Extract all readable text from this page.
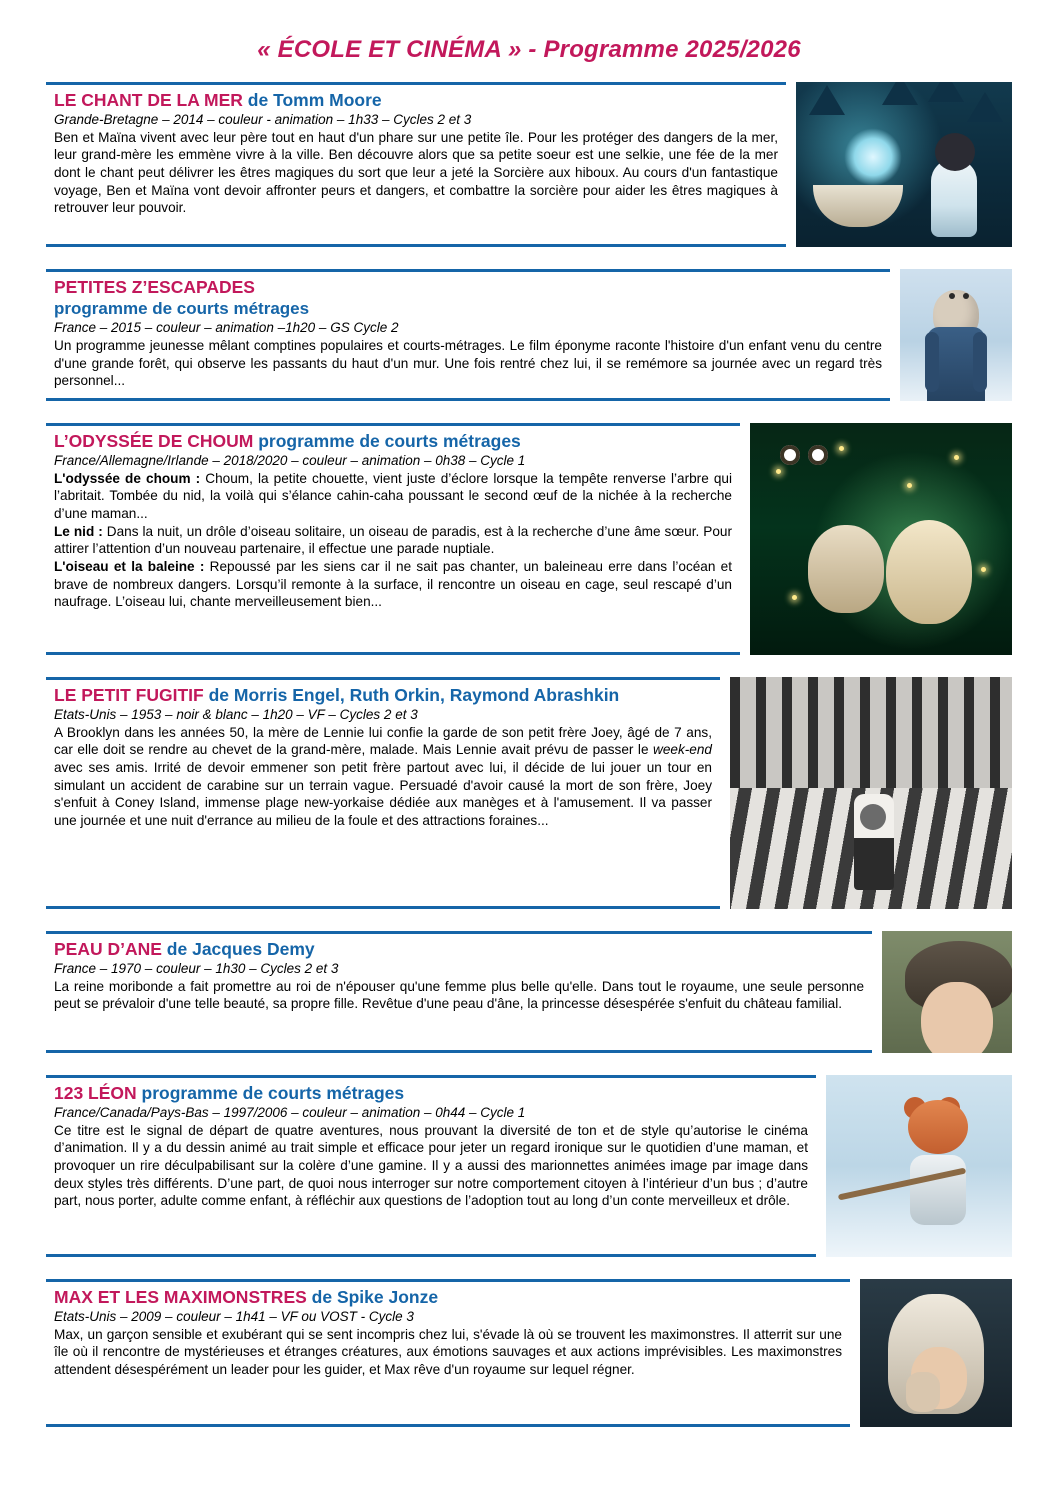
« ÉCOLE ET CINÉMA » - Programme 2025/2026
LE CHANT DE LA MER de Tomm Moore
Grande-Bretagne – 2014 – couleur - animation – 1h33 – Cycles 2 et 3
Ben et Maïna vivent avec leur père tout en haut d'un phare sur une petite île. Pour les protéger des dangers de la mer, leur grand-mère les emmène vivre à la ville. Ben découvre alors que sa petite soeur est une selkie, une fée de la mer dont le chant peut délivrer les êtres magiques du sort que leur a jeté la Sorcière aux hiboux. Au cours d'un fantastique voyage, Ben et Maïna vont devoir affronter peurs et dangers, et combattre la sorcière pour aider les êtres magiques à retrouver leur pouvoir.
PETITES Z’ESCAPADES
programme de courts métrages
France – 2015 – couleur – animation –1h20 – GS Cycle 2
Un programme jeunesse mêlant comptines populaires et courts-métrages. Le film éponyme raconte l'histoire d'un enfant venu du centre d'une grande forêt, qui observe les passants du haut d'un mur. Une fois rentré chez lui, il se remémore sa journée avec un regard très personnel...
L’ODYSSÉE DE CHOUM programme de courts métrages
France/Allemagne/Irlande – 2018/2020 – couleur – animation – 0h38 – Cycle 1

L'odyssée de choum : Choum, la petite chouette, vient juste d’éclore lorsque la tempête renverse l’arbre qui l’abritait. Tombée du nid, la voilà qui s’élance cahin-caha poussant le second œuf de la nichée à la recherche d’une maman...

Le nid : Dans la nuit, un drôle d’oiseau solitaire, un oiseau de paradis, est à la recherche d’une âme sœur. Pour attirer l’attention d’un nouveau partenaire, il effectue une parade nuptiale.

L'oiseau et la baleine : Repoussé par les siens car il ne sait pas chanter, un baleineau erre dans l’océan et brave de nombreux dangers. Lorsqu’il remonte à la surface, il rencontre un oiseau en cage, seul rescapé d’un naufrage. L’oiseau lui, chante merveilleusement bien...

LE PETIT FUGITIF de Morris Engel, Ruth Orkin, Raymond Abrashkin
Etats-Unis – 1953 – noir & blanc – 1h20 – VF – Cycles 2 et 3
A Brooklyn dans les années 50, la mère de Lennie lui confie la garde de son petit frère Joey, âgé de 7 ans, car elle doit se rendre au chevet de la grand-mère, malade. Mais Lennie avait prévu de passer le week-end avec ses amis. Irrité de devoir emmener son petit frère partout avec lui, il décide de lui jouer un tour en simulant un accident de carabine sur un terrain vague. Persuadé d'avoir causé la mort de son frère, Joey s'enfuit à Coney Island, immense plage new-yorkaise dédiée aux manèges et à l'amusement. Il va passer une journée et une nuit d'errance au milieu de la foule et des attractions foraines...
PEAU D’ANE de Jacques Demy
France – 1970 – couleur – 1h30 – Cycles 2 et 3
La reine moribonde a fait promettre au roi de n'épouser qu'une femme plus belle qu'elle. Dans tout le royaume, une seule personne peut se prévaloir d'une telle beauté, sa propre fille. Revêtue d'une peau d'âne, la princesse désespérée s'enfuit du château familial.
123 LÉON programme de courts métrages
France/Canada/Pays-Bas – 1997/2006 – couleur – animation – 0h44 – Cycle 1
Ce titre est le signal de départ de quatre aventures, nous prouvant la diversité de ton et de style qu’autorise le cinéma d’animation. Il y a du dessin animé au trait simple et efficace pour jeter un regard ironique sur le quotidien d’une maman, et provoquer un rire déculpabilisant sur la colère d’une gamine. Il y a aussi des marionnettes animées image par image dans deux styles très différents. D’une part, de quoi nous interroger sur notre comportement citoyen à l’intérieur d’un bus ; d’autre part, nous porter, adulte comme enfant, à réfléchir aux questions de l’adoption tout au long d’un conte merveilleux et drôle.
MAX ET LES MAXIMONSTRES de Spike Jonze
Etats-Unis – 2009 – couleur – 1h41 – VF ou VOST - Cycle 3
Max, un garçon sensible et exubérant qui se sent incompris chez lui, s'évade là où se trouvent les maximonstres. Il atterrit sur une île où il rencontre de mystérieuses et étranges créatures, aux émotions sauvages et aux actions imprévisibles. Les maximonstres attendent désespérément un leader pour les guider, et Max rêve d'un royaume sur lequel régner.
